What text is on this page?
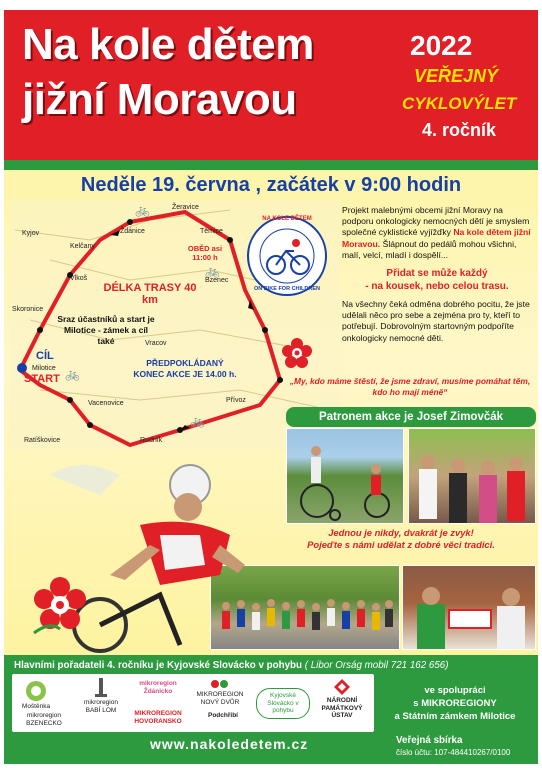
Na kole dětem
jižní Moravou
2022
VEŘEJNÝ
CYKLOVÝLET
4. ročník
Neděle 19. června , začátek v 9:00 hodin
🚲
🚲
🚲
🚲
Žeravice
Ždánice
Kyjov
Kelčany
Vlkoš
Skoronice
Milotice
Vacenovice
Ratíškovice	Rudník
Vracov
Bzenec
Těmice
Přívoz
OBĚD asi 11:00 h
DÉLKA TRASY 40 km
Sraz účastníků a start je Milotice - zámek a cíl také
PŘEDPOKLÁDANÝ KONEC AKCE JE 14.00 h.
CÍL
START
NA KOLE DĚTEM
ON BIKE FOR CHILDREN
Projekt malebnými obcemi jižní Moravy na podporu onkologicky nemocných dětí je smyslem společné cyklistické vyjížďky Na kole dětem jižní Moravou. Šlápnout do pedálů mohou všichni, malí, velcí, mladí i dospělí...
Přidat se může každý
- na kousek, nebo celou trasu.
Na všechny čeká odměna dobrého pocitu, že jste udělali něco pro sebe a zejména pro ty, kteří to potřebují. Dobrovolným startovným podpoříte onkologicky nemocné děti.
„My, kdo máme štěstí, že jsme zdraví, musíme pomáhat těm, kdo ho mají méně“
Patronem akce je Josef Zimovčák
Jednou je nikdy, dvakrát je zvyk!
Pojeďte s námi udělat z dobré věci tradici.
Hlavními pořadateli 4. ročníku je Kyjovské Slovácko v pohybu ( Libor Orság mobil 721 162 656)
Moštěnka
mikroregion BZENECKO
mikroregion BABÍ LOM
mikroregion Ždánicko
MIKROREGION HOVORANSKO
MIKROREGION NOVÝ DVŮR
Podchřibí
Kyjovské Slovácko v pohybu
NÁRODNÍ PAMÁTKOVÝ ÚSTAV
ve spolupráci
s MIKROREGIONY
a Státním zámkem Milotice
www.nakoledetem.cz	Veřejná sbírka
číslo účtu: 107-484410267/0100
